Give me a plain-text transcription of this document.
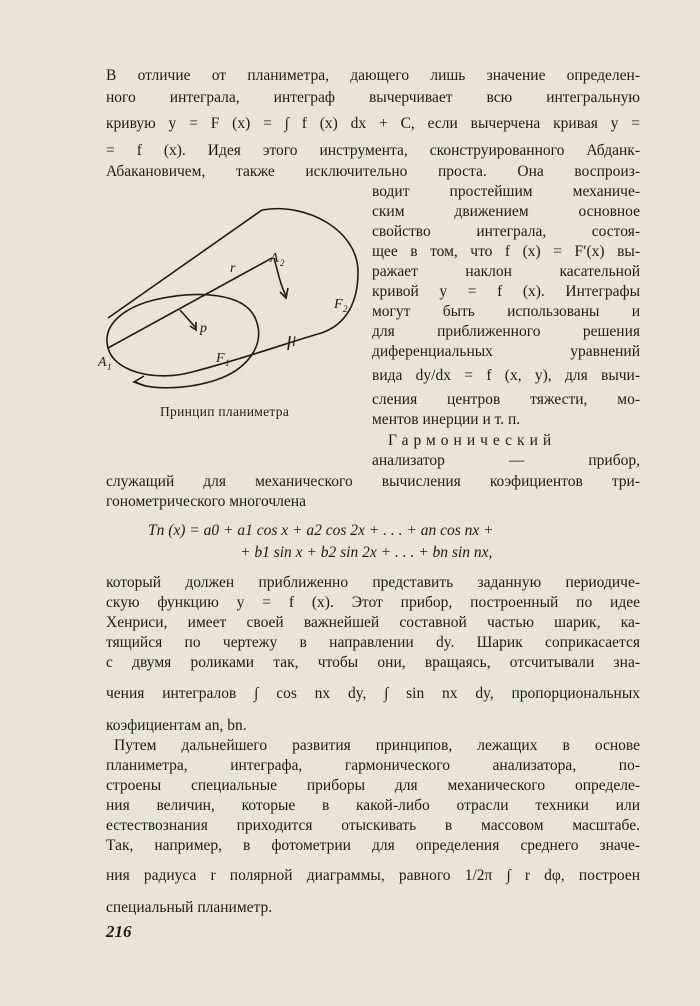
В отличие от планиметра, дающего лишь значение определен-
ного интеграла, интеграф вычерчивает всю интегральную
кривую y = F (x) = ∫ f (x) dx + C, если вычерчена кривая y =
= f (x). Идея этого инструмента, сконструированного Абданк-
Абакановичем, также исключительно проста. Она воспроиз-
водит простейшим механиче-
ским движением основное
свойство интеграла, состоя-
щее в том, что f (x) = F′(x) вы-
ражает наклон касательной
кривой y = f (x). Интеграфы
могут быть использованы и
для приближенного решения
диференциальных уравнений
вида dy/dx = f (x, y), для вычи-
сления центров тяжести, мо-
ментов инерции и т. п.
Гармонический
анализатор — прибор,
служащий для механического вычисления коэфициентов три-
гонометрического многочлена
Tn (x) = a0 + a1 cos x + a2 cos 2x + . . . + an cos nx +
+ b1 sin x + b2 sin 2x + . . . + bn sin nx,
который должен приближенно представить заданную периодиче-
скую функцию y = f (x). Этот прибор, построенный по идее
Хенриси, имеет своей важнейшей составной частью шарик, ка-
тящийся по чертежу в направлении dy. Шарик соприкасается
с двумя роликами так, чтобы они, вращаясь, отсчитывали зна-
чения интегралов ∫ cos nx dy, ∫ sin nx dy, пропорциональных
коэфициентам an, bn.
Путем дальнейшего развития принципов, лежащих в основе
планиметра, интеграфа, гармонического анализатора, по-
строены специальные приборы для механического определе-
ния величин, которые в какой-либо отрасли техники или
естествознания приходится отыскивать в массовом масштабе.
Так, например, в фотометрии для определения среднего значе-
ния радиуса r полярной диаграммы, равного 1/2π ∫ r dφ, построен
специальный планиметр.
A 1
A 2
r
p
l
F 1
F 2
Принцип планиметра
216
